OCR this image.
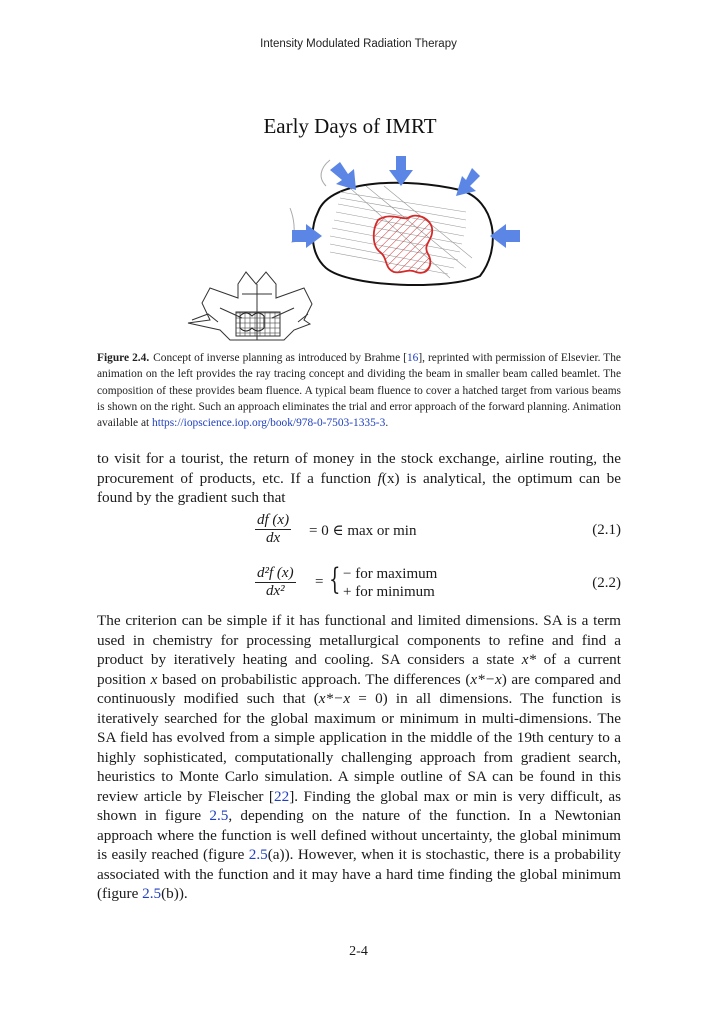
Intensity Modulated Radiation Therapy
Early Days of IMRT
Figure 2.4. Concept of inverse planning as introduced by Brahme [16], reprinted with permission of Elsevier. The animation on the left provides the ray tracing concept and dividing the beam in smaller beam called beamlet. The composition of these provides beam fluence. A typical beam fluence to cover a hatched target from various beams is shown on the right. Such an approach eliminates the trial and error approach of the forward planning. Animation available at https://iopscience.iop.org/book/978-0-7503-1335-3.
to visit for a tourist, the return of money in the stock exchange, airline routing, the procurement of products, etc. If a function f(x) is analytical, the optimum can be found by the gradient such that
$\frac{df (x)}{dx} = 0$ ∈ max or min	(2.1)
$\frac{\text{d²f (x)}}{\text{dx²}}$ = { − for maximum
+ for minimum
(2.2)
The criterion can be simple if it has functional and limited dimensions. SA is a term used in chemistry for processing metallurgical components to refine and find a product by iteratively heating and cooling. SA considers a state x* of a current position x based on probabilistic approach. The differences (x*−x) are compared and continuously modified such that (x*−x = 0) in all dimensions. The function is iteratively searched for the global maximum or minimum in multi-dimensions. The SA field has evolved from a simple application in the middle of the 19th century to a highly sophisticated, computationally challenging approach from gradient search, heuristics to Monte Carlo simulation. A simple outline of SA can be found in this review article by Fleischer [22]. Finding the global max or min is very difficult, as shown in figure 2.5, depending on the nature of the function. In a Newtonian approach where the function is well defined without uncertainty, the global minimum is easily reached (figure 2.5(a)). However, when it is stochastic, there is a probability associated with the function and it may have a hard time finding the global minimum (figure 2.5(b)).
2-4
